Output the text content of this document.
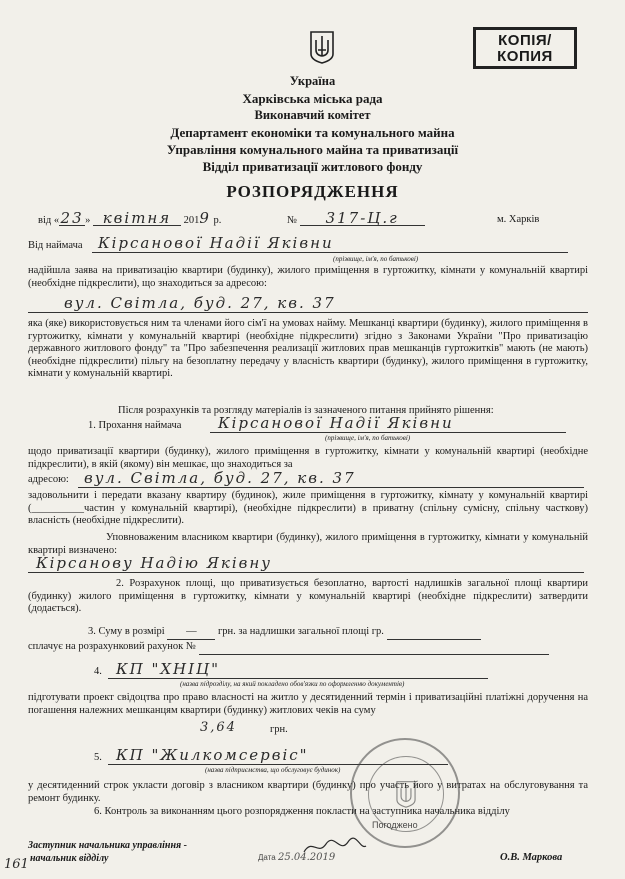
КОПІЯ/
КОПИЯ
Україна
Харківська міська рада
Виконавчий комітет
Департамент економіки та комунального майна
Управління комунального майна та приватизації
Відділ приватизації житлового фонду
РОЗПОРЯДЖЕННЯ
від «23» квітня 2019 р.	№ 317-Ц.г	м. Харків
Від наймача	Кірсанової Надії Яківни
(прізвище, ім'я, по батькові)
надійшла заява на приватизацію квартири (будинку), жилого приміщення в гуртожитку, кімнати у комунальній квартирі (необхідне підкреслити), що знаходиться за адресою:
вул. Світла, буд. 27, кв. 37
яка (яке) використовується ним та членами його сім'ї на умовах найму. Мешканці квартири (будинку), жилого приміщення в гуртожитку, кімнати у комунальній квартирі (необхідне підкреслити) згідно з Законами України "Про приватизацію державного житлового фонду" та "Про забезпечення реализації житлових прав мешканців гуртожитків" мають (не мають) (необхідне підкреслити) пільгу на безоплатну передачу у власність квартири (будинку), жилого приміщення в гуртожитку, кімнати у комунальній квартирі.
Після розрахунків та розгляду матеріалів із зазначеного питання прийнято рішення:
1. Прохання наймача	Кірсанової Надії Яківни
(прізвище, ім'я, по батькові)
щодо приватизації квартири (будинку), жилого приміщення в гуртожитку, кімнати у комунальній квартирі (необхідне підкреслити), в якій (якому) він мешкає, що знаходиться за
адресою:	вул. Світла, буд. 27, кв. 37
задовольнити і передати вказану квартиру (будинок), жиле приміщення в гуртожитку, кімнату у комунальній квартирі (__________частин у комунальній квартирі), (необхідне підкреслити) в приватну (спільну сумісну, спільну часткову) власність (необхідне підкреслити).
Уповноваженим власником квартири (будинку), жилого приміщення в гуртожитку, кімнати у комунальній квартирі визначено:
Кірсанову Надію Яківну
2. Розрахунок площі, що приватизується безоплатно, вартості надлишків загальної площі квартири (будинку) жилого приміщення в гуртожитку, кімнати у комунальній квартирі (необхідне підкреслити) затвердити (додається).
3. Суму в розмірі — грн. за надлишки загальної площі гр.
сплачує на розрахунковий рахунок №
4. КП "ХНІЦ"
(назва підрозділу, на який покладено обов'язки по оформленню документів)
підготувати проект свідоцтва про право власності на житло у десятиденний термін і приватизаційні платіжні доручення на погашення належних мешканцям квартири (будинку) житлових чеків на суму
3,64	грн.
5. КП "Жилкомсервіс"
(назва підприємства, що обслуговує будинок)
у десятиденний строк укласти договір з власником квартири (будинку) про участь його у витратах на обслуговування та ремонт будинку.
6. Контроль за виконанням цього розпорядження покласти на заступника начальника відділу
Погоджено
Дата 25.04.2019
Заступник начальника управління -
начальник відділу	О.В. Маркова
161
